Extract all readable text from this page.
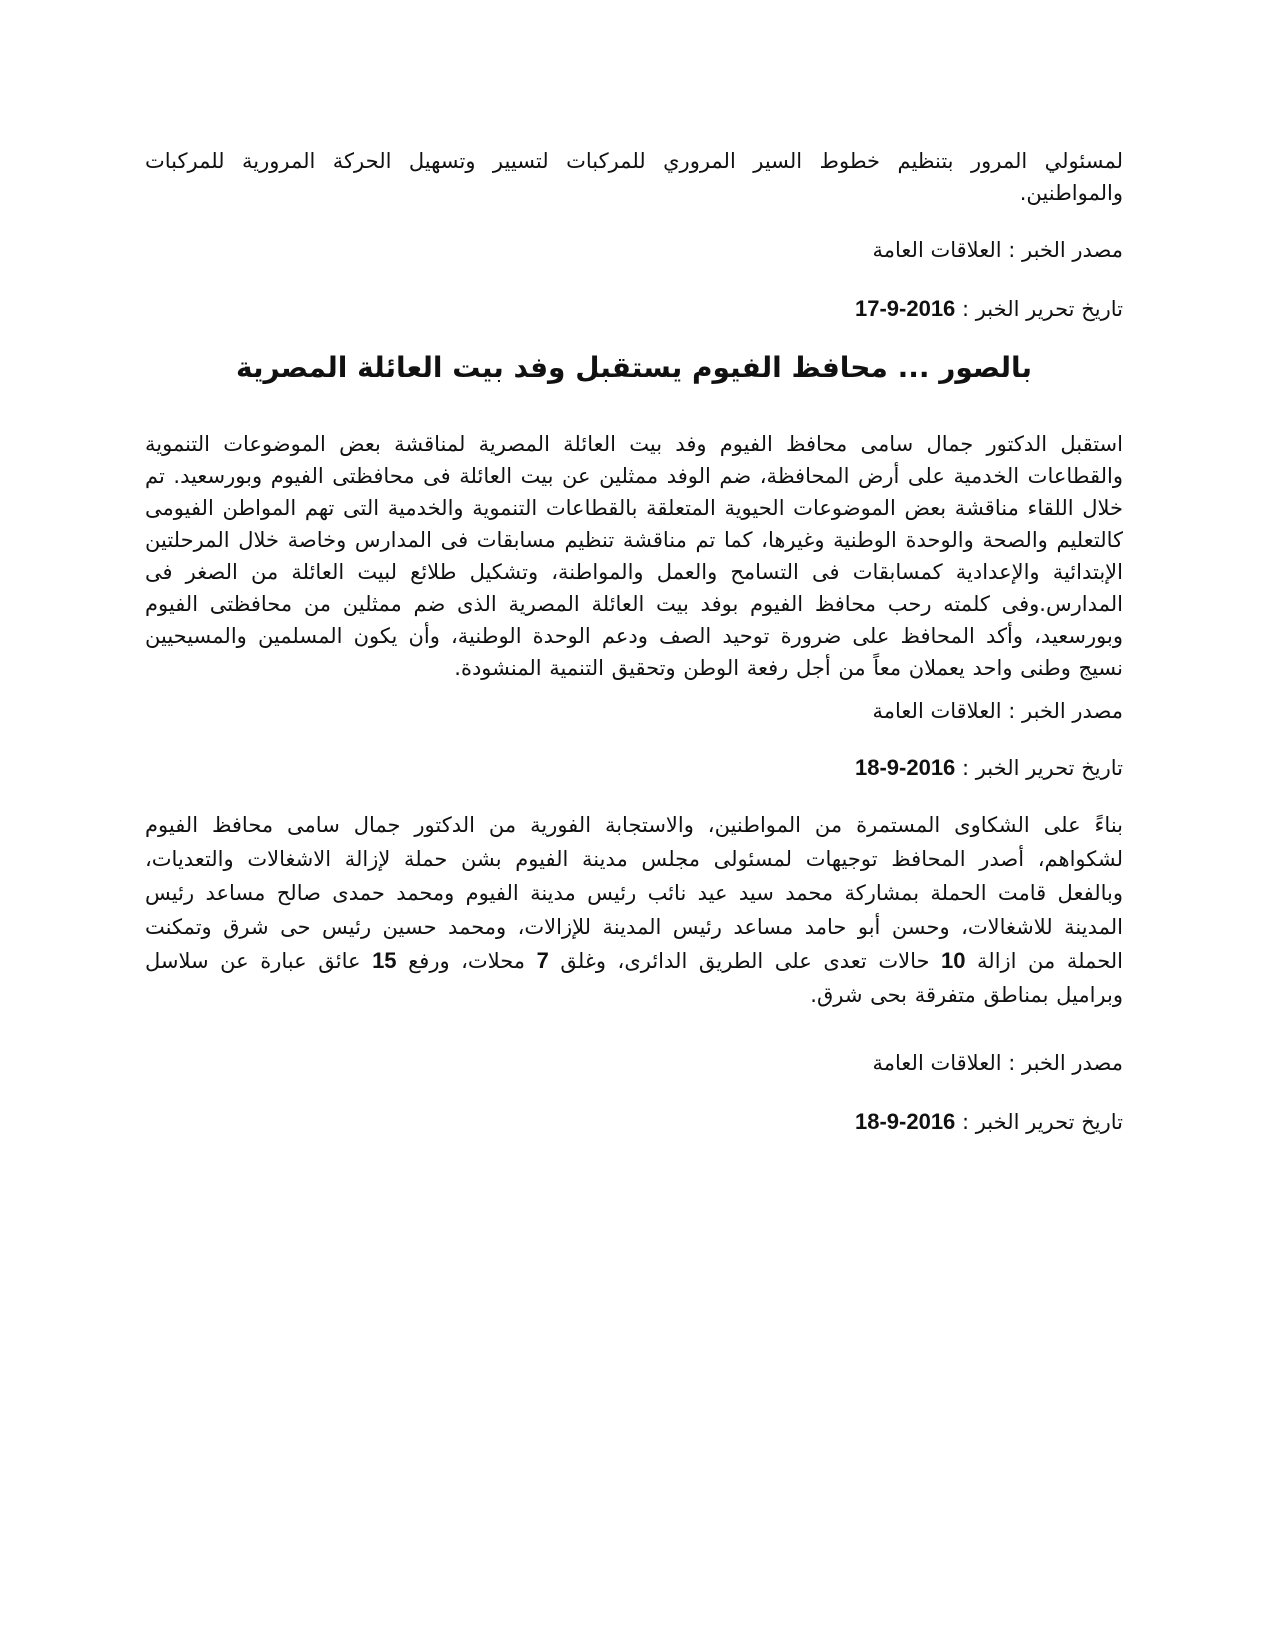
لمسئولي المرور بتنظيم خطوط السير المروري للمركبات لتسيير وتسهيل الحركة المرورية للمركبات والمواطنين.

مصدر الخبر : العلاقات العامة

تاريخ تحرير الخبر : 17-9-2016

بالصور ... محافظ الفيوم يستقبل وفد بيت العائلة المصرية

استقبل الدكتور جمال سامى محافظ الفيوم وفد بيت العائلة المصرية لمناقشة بعض الموضوعات التنموية والقطاعات الخدمية على أرض المحافظة، ضم الوفد ممثلين عن بيت العائلة فى محافظتى الفيوم وبورسعيد. تم خلال اللقاء مناقشة بعض الموضوعات الحيوية المتعلقة بالقطاعات التنموية والخدمية التى تهم المواطن الفيومى كالتعليم والصحة والوحدة الوطنية وغيرها، كما تم مناقشة تنظيم مسابقات فى المدارس وخاصة خلال المرحلتين الإبتدائية والإعدادية كمسابقات فى التسامح والعمل والمواطنة، وتشكيل طلائع لبيت العائلة من الصغر فى المدارس.وفى كلمته رحب محافظ الفيوم بوفد بيت العائلة المصرية الذى ضم ممثلين من محافظتى الفيوم وبورسعيد، وأكد المحافظ على ضرورة توحيد الصف ودعم الوحدة الوطنية، وأن يكون المسلمين والمسيحيين نسيج وطنى واحد يعملان معاً من أجل رفعة الوطن وتحقيق التنمية المنشودة.

مصدر الخبر : العلاقات العامة

تاريخ تحرير الخبر : 18-9-2016

بناءً على الشكاوى المستمرة من المواطنين، والاستجابة الفورية من الدكتور جمال سامى محافظ الفيوم لشكواهم، أصدر المحافظ توجيهات لمسئولى مجلس مدينة الفيوم بشن حملة لإزالة الاشغالات والتعديات، وبالفعل قامت الحملة بمشاركة محمد سيد عيد نائب رئيس مدينة الفيوم ومحمد حمدى صالح مساعد رئيس المدينة للاشغالات، وحسن أبو حامد مساعد رئيس المدينة للإزالات، ومحمد حسين رئيس حى شرق وتمكنت الحملة من ازالة 10 حالات تعدى على الطريق الدائرى، وغلق 7 محلات، ورفع 15 عائق عبارة عن سلاسل وبراميل بمناطق متفرقة بحى شرق.

مصدر الخبر : العلاقات العامة

تاريخ تحرير الخبر : 18-9-2016
